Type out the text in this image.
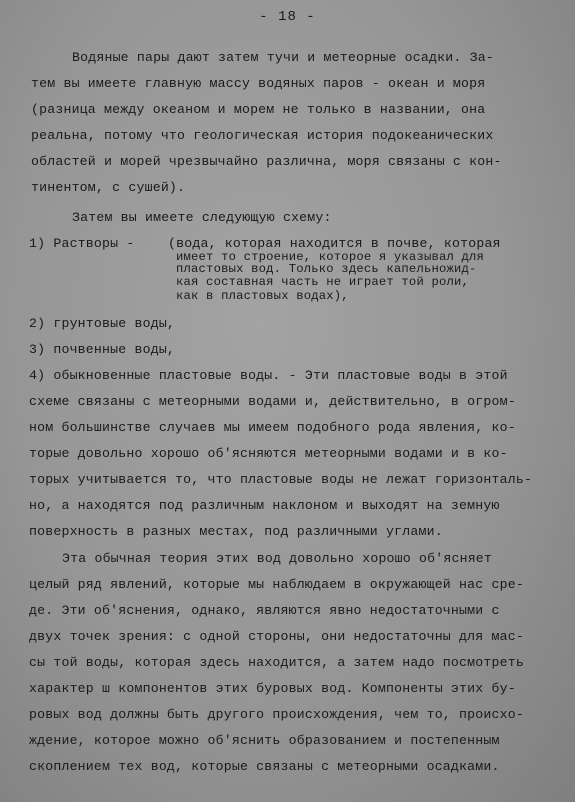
- 18 -
Водяные пары дают затем тучи и метеорные осадки. За-
тем вы имеете главную массу водяных паров - океан и моря
(разница между океаном и морем не только в названии, она
реальна, потому что геологическая история подокеанических
областей и морей чрезвычайно различна, моря связаны с кон-
тинентом, с сушей).
Затем вы имеете следующую схему:
1) Растворы -	(вода, которая находится в почве, которая
имеет то строение, которое я указывал для
пластовых вод. Только здесь капельножид-
кая составная часть не играет той роли,
как в пластовых водах),
2) грунтовые воды,
3) почвенные воды,
4) обыкновенные пластовые воды. - Эти пластовые воды в этой
схеме связаны с метеорными водами и, действительно, в огром-
ном большинстве случаев мы имеем подобного рода явления, ко-
торые довольно хорошо об'ясняются метеорными водами и в ко-
торых учитывается то, что пластовые воды не лежат горизонталь-
но, а находятся под различным наклоном и выходят на земную
поверхность в разных местах, под различными углами.
Эта обычная теория этих вод довольно хорошо об'ясняет
целый ряд явлений, которые мы наблюдаем в окружающей нас сре-
де. Эти об'яснения, однако, являются явно недостаточными с
двух точек зрения: с одной стороны, они недостаточны для мас-
сы той воды, которая здесь находится, а затем надо посмотреть
характер ш компонентов этих буровых вод. Компоненты этих бу-
ровых вод должны быть другого происхождения, чем то, происхо-
ждение, которое можно об'яснить образованием и постепенным
скоплением тех вод, которые связаны с метеорными осадками.
